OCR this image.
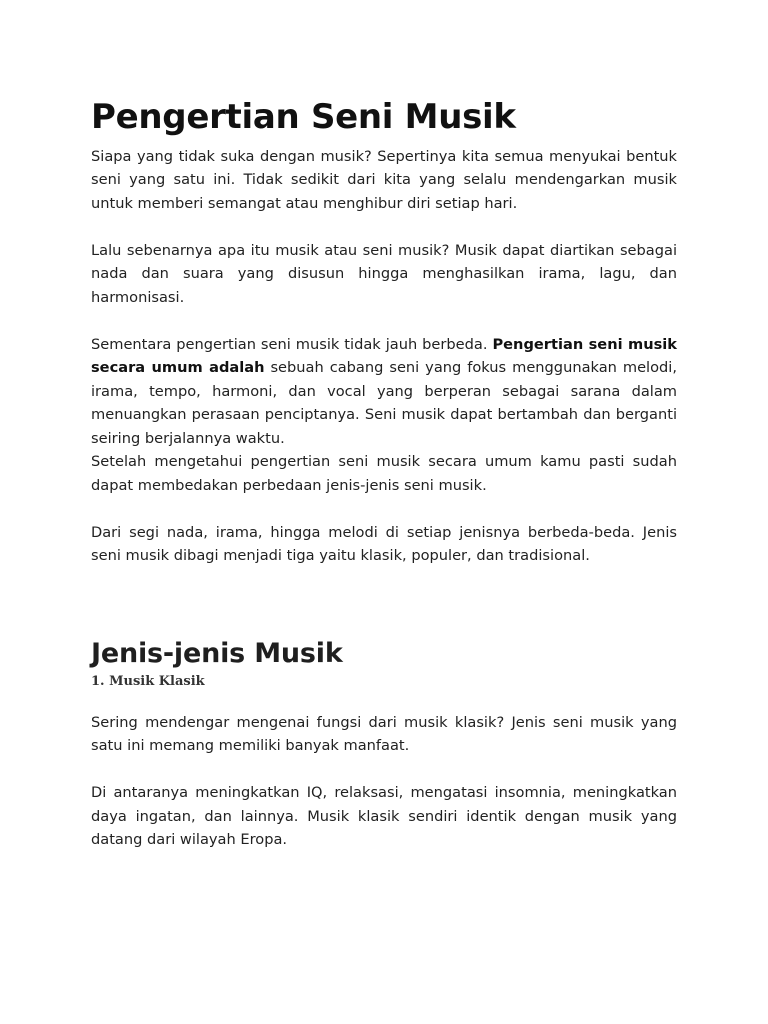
Pengertian Seni Musik

Siapa yang tidak suka dengan musik? Sepertinya kita semua menyukai bentuk seni yang satu ini. Tidak sedikit dari kita yang selalu mendengarkan musik untuk memberi semangat atau menghibur diri setiap hari.

Lalu sebenarnya apa itu musik atau seni musik? Musik dapat diartikan sebagai nada dan suara yang disusun hingga menghasilkan irama, lagu, dan harmonisasi.

Sementara pengertian seni musik tidak jauh berbeda. Pengertian seni musik secara umum adalah sebuah cabang seni yang fokus menggunakan melodi, irama, tempo, harmoni, dan vocal yang berperan sebagai sarana dalam menuangkan perasaan penciptanya. Seni musik dapat bertambah dan berganti seiring berjalannya waktu.

Setelah mengetahui pengertian seni musik secara umum kamu pasti sudah dapat membedakan perbedaan jenis-jenis seni musik.

Dari segi nada, irama, hingga melodi di setiap jenisnya berbeda-beda. Jenis seni musik dibagi menjadi tiga yaitu klasik, populer, dan tradisional.

Jenis-jenis Musik
1. Musik Klasik

Sering mendengar mengenai fungsi dari musik klasik? Jenis seni musik yang satu ini memang memiliki banyak manfaat.

Di antaranya meningkatkan IQ, relaksasi, mengatasi insomnia, meningkatkan daya ingatan, dan lainnya. Musik klasik sendiri identik dengan musik yang datang dari wilayah Eropa.
